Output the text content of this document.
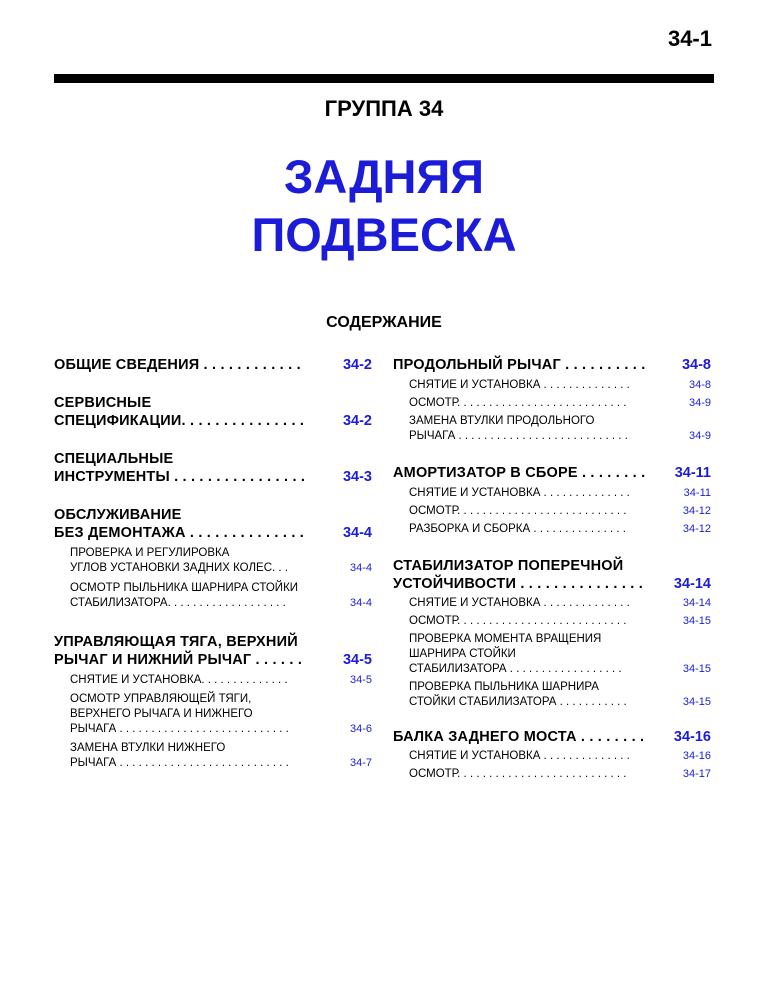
34-1
ГРУППА 34
ЗАДНЯЯ
ПОДВЕСКА
СОДЕРЖАНИЕ
ОБЩИЕ СВЕДЕНИЯ . . . . . . . . . . . .	34-2
СЕРВИСНЫЕ
СПЕЦИФИКАЦИИ. . . . . . . . . . . . . . .	34-2
СПЕЦИАЛЬНЫЕ
ИНСТРУМЕНТЫ . . . . . . . . . . . . . . . .	34-3
ОБСЛУЖИВАНИЕ
БЕЗ ДЕМОНТАЖА . . . . . . . . . . . . . .	34-4
ПРОВЕРКА И РЕГУЛИРОВКА
УГЛОВ УСТАНОВКИ ЗАДНИХ КОЛЕС. . .	34-4
ОСМОТР ПЫЛЬНИКА ШАРНИРА СТОЙКИ
СТАБИЛИЗАТОРА. . . . . . . . . . . . . . . . . . .	34-4
УПРАВЛЯЮЩАЯ ТЯГА, ВЕРХНИЙ
РЫЧАГ И НИЖНИЙ РЫЧАГ . . . . . .	34-5
СНЯТИЕ И УСТАНОВКА. . . . . . . . . . . . . .	34-5
ОСМОТР УПРАВЛЯЮЩЕЙ ТЯГИ,
ВЕРХНЕГО РЫЧАГА И НИЖНЕГО
РЫЧАГА . . . . . . . . . . . . . . . . . . . . . . . . . . .	34-6
ЗАМЕНА ВТУЛКИ НИЖНЕГО
РЫЧАГА . . . . . . . . . . . . . . . . . . . . . . . . . . .	34-7
ПРОДОЛЬНЫЙ РЫЧАГ . . . . . . . . . .	34-8
СНЯТИЕ И УСТАНОВКА . . . . . . . . . . . . . .	34-8
ОСМОТР. . . . . . . . . . . . . . . . . . . . . . . . . . .	34-9
ЗАМЕНА ВТУЛКИ ПРОДОЛЬНОГО
РЫЧАГА . . . . . . . . . . . . . . . . . . . . . . . . . . .	34-9
АМОРТИЗАТОР В СБОРЕ . . . . . . . .	34-11
СНЯТИЕ И УСТАНОВКА . . . . . . . . . . . . . .	34-11
ОСМОТР. . . . . . . . . . . . . . . . . . . . . . . . . . .	34-12
РАЗБОРКА И СБОРКА . . . . . . . . . . . . . . .	34-12
СТАБИЛИЗАТОР ПОПЕРЕЧНОЙ
УСТОЙЧИВОСТИ . . . . . . . . . . . . . . .	34-14
СНЯТИЕ И УСТАНОВКА . . . . . . . . . . . . . .	34-14
ОСМОТР. . . . . . . . . . . . . . . . . . . . . . . . . . .	34-15
ПРОВЕРКА МОМЕНТА ВРАЩЕНИЯ
ШАРНИРА СТОЙКИ
СТАБИЛИЗАТОРА . . . . . . . . . . . . . . . . . .	34-15
ПРОВЕРКА ПЫЛЬНИКА ШАРНИРА
СТОЙКИ СТАБИЛИЗАТОРА . . . . . . . . . . .	34-15
БАЛКА ЗАДНЕГО МОСТА . . . . . . . .	34-16
СНЯТИЕ И УСТАНОВКА . . . . . . . . . . . . . .	34-16
ОСМОТР. . . . . . . . . . . . . . . . . . . . . . . . . . .	34-17
